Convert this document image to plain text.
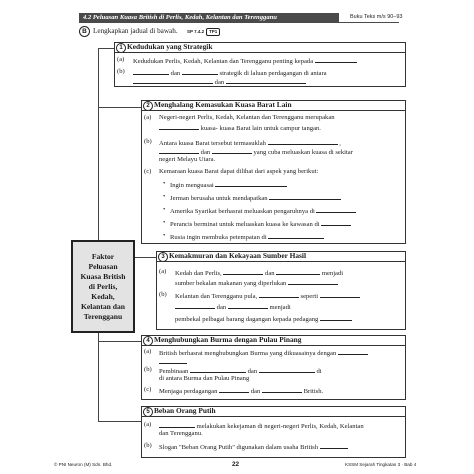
4.2 Peluasan Kuasa British di Perlis, Kedah, Kelantan dan Terengganu	Buku Teks m/s 90–93
B Lengkapkan jadual di bawah. SP 7.4.2	TP1
Faktor
Peluasan
Kuasa British
di Perlis,
Kedah,
Kelantan dan
Terengganu
1 Kedudukan yang Strategik
(a) Kedudukan Perlis, Kedah, Kelantan dan Terengganu penting kepada
(b)	dan	strategik di laluan perdagangan di antara
dan
2 Menghalang Kemasukan Kuasa Barat Lain
(a) Negeri-negeri Perlis, Kedah, Kelantan dan Terengganu merupakan
kuasa- kuasa Barat lain untuk campur tangan.
(b) Antara kuasa Barat tersebut termasuklah	,
dan	yang cuba meluaskan kuasa di sekitar
negeri Melayu Utara.
(c) Kemaraan kuasa Barat dapat dilihat dari aspek yang berikut:
• Ingin menguasai
• Jerman berusaha untuk mendapatkan
• Amerika Syarikat berhasrat meluaskan pengaruhnya di
• Perancis berminat untuk meluaskan kuasa ke kawasan di
• Rusia ingin membuka petempatan di
3 Kemakmuran dan Kekayaan Sumber Hasil
(a) Kedah dan Perlis,	dan	menjadi
sumber bekalan makanan yang diperlukan
(b) Kelantan dan Terengganu pula,	seperti
dan	menjadi
pembekal pelbagai barang dagangan kepada pedagang
4 Menghubungkan Burma dengan Pulau Pinang
(a) British berhasrat menghubungkan Burma yang dikuasainya dengan
(b) Pembinaan	dan	di
di antara Burma dan Pulau Pinang
(c) Menjaga perdagangan	dan	British.
5 Beban Orang Putih
(a)	melakukan kekejaman di negeri-negeri Perlis, Kedah, Kelantan
dan Terengganu.
(b) Slogan "Beban Orang Putih" digunakan dalam usaha British
© PNI Neuron (M) Sdn. Bhd.	22	KSSM Sejarah Tingkatan 3 · Bab 4
